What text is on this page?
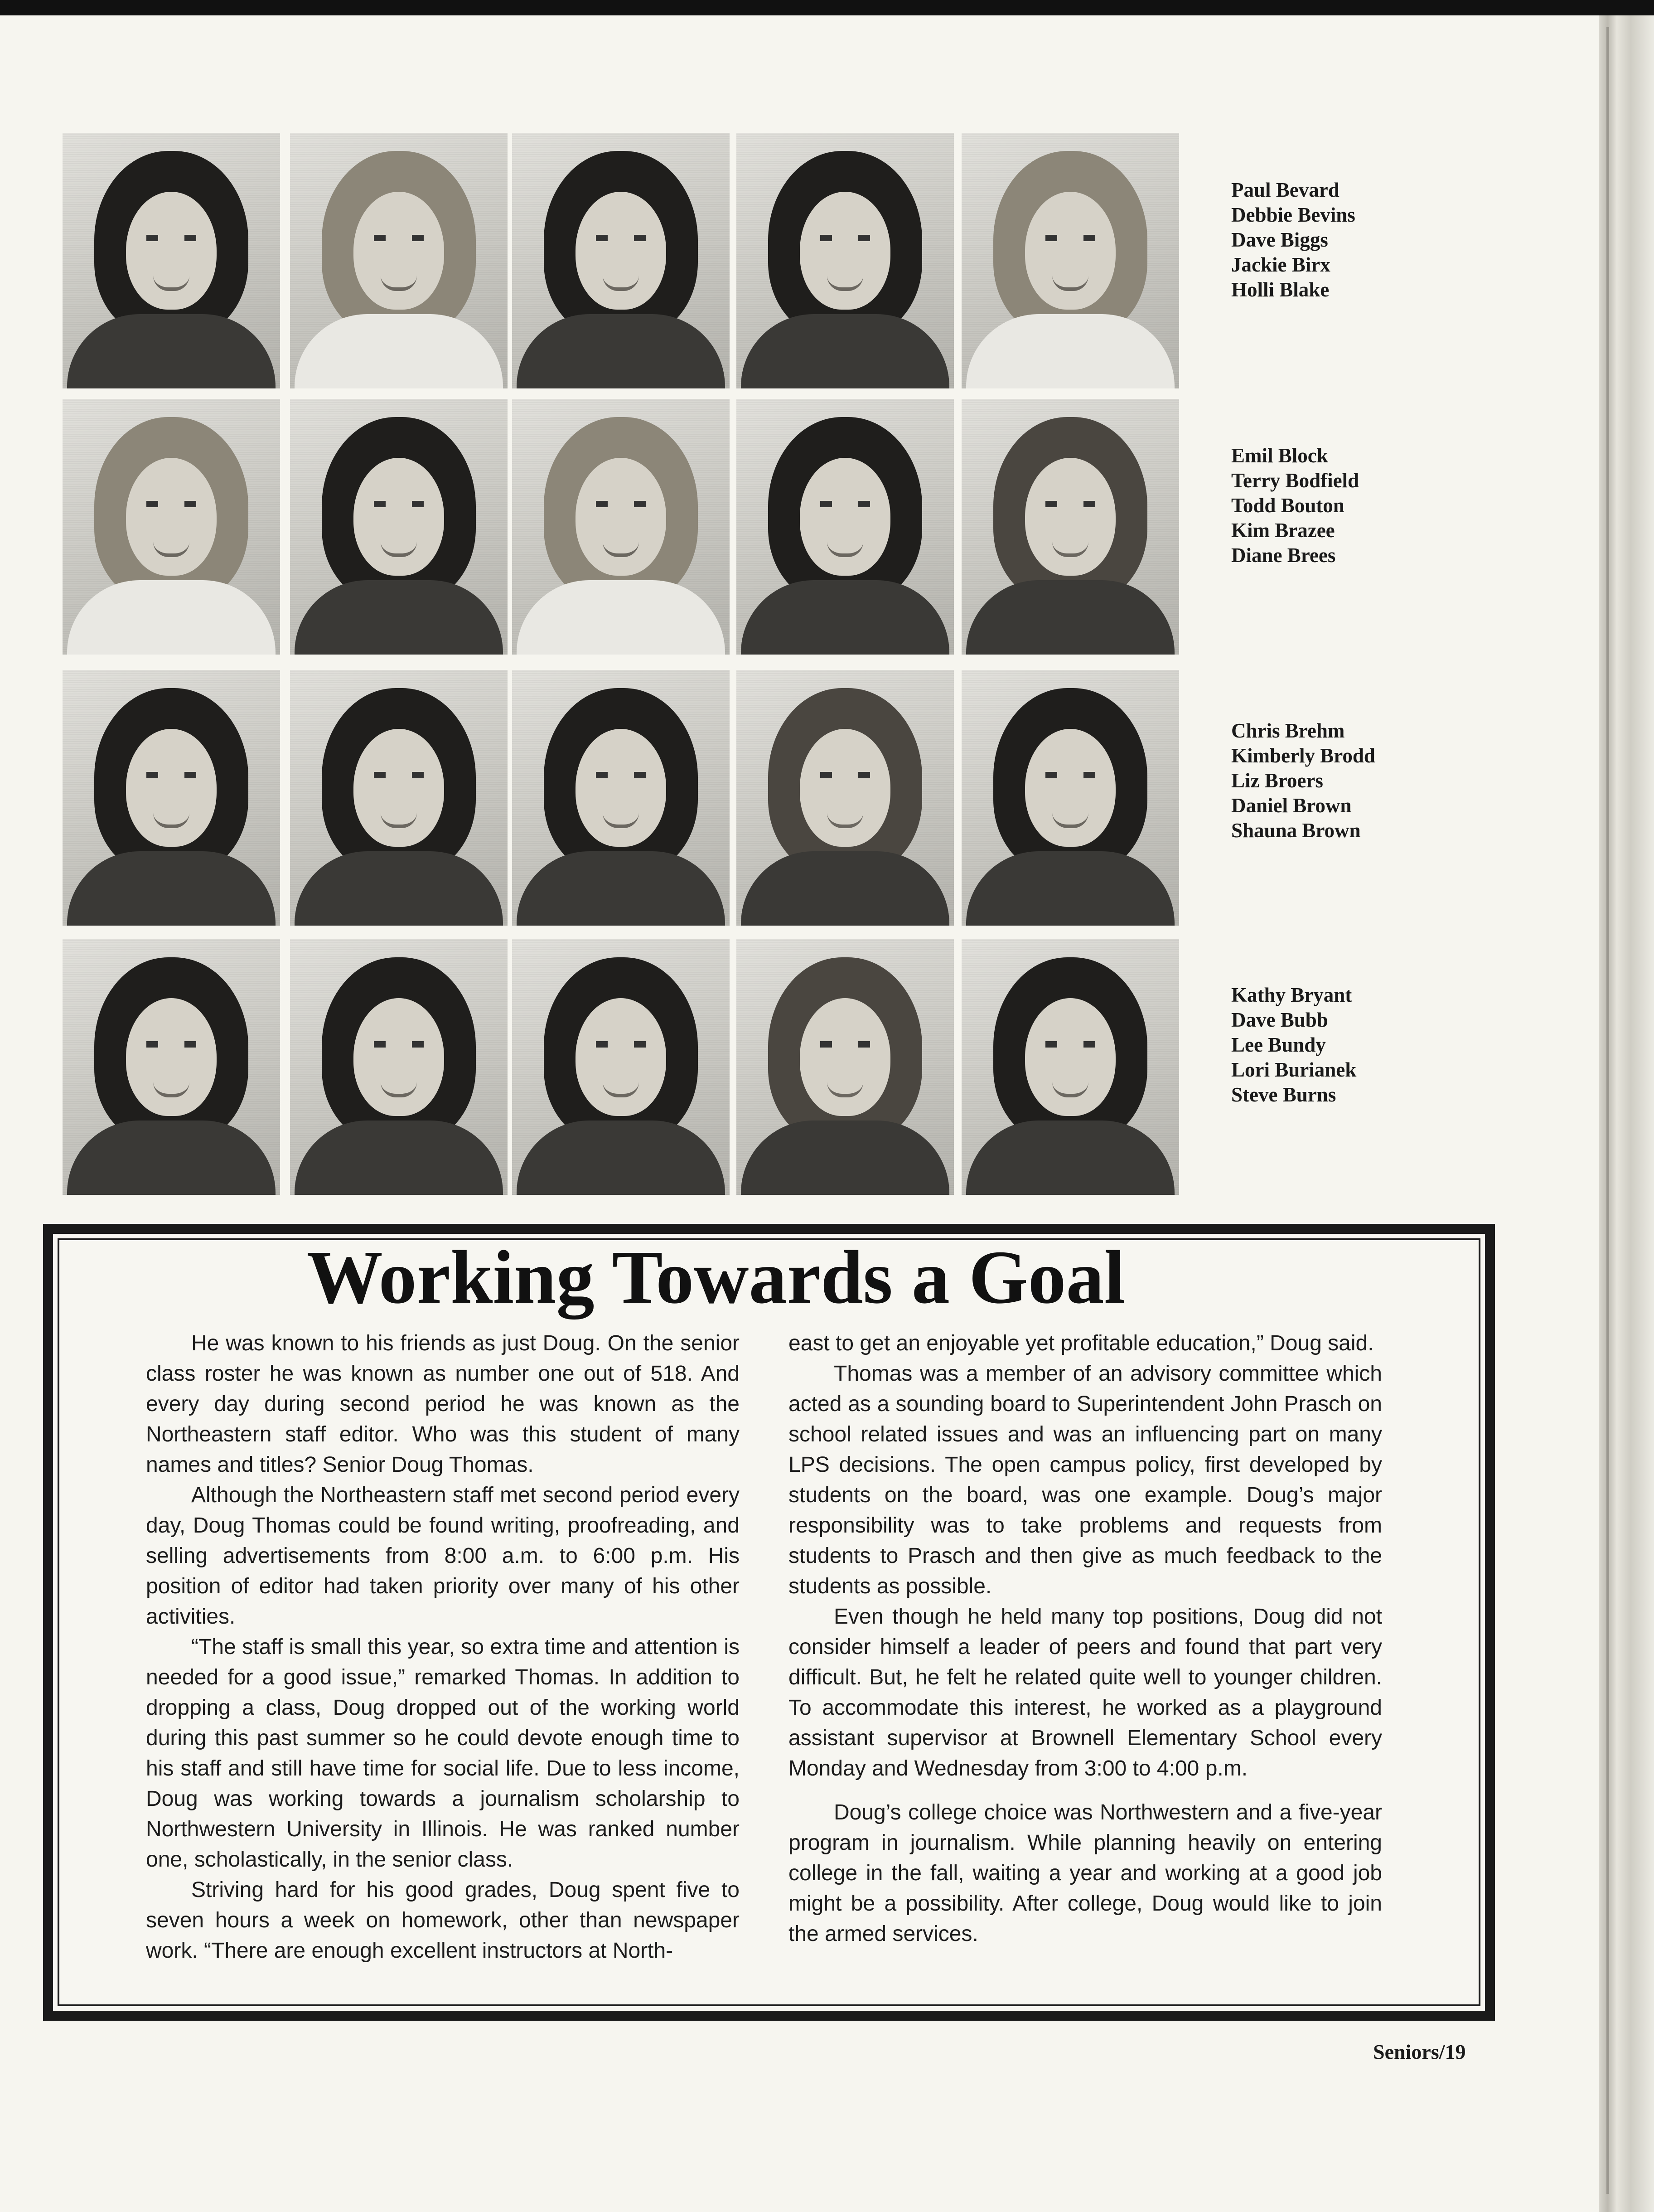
Paul Bevard
Debbie Bevins
Dave Biggs
Jackie Birx
Holli Blake
Emil Block
Terry Bodfield
Todd Bouton
Kim Brazee
Diane Brees
Chris Brehm
Kimberly Brodd
Liz Broers
Daniel Brown
Shauna Brown
Kathy Bryant
Dave Bubb
Lee Bundy
Lori Burianek
Steve Burns
Working Towards a Goal

He was known to his friends as just Doug. On the senior class roster he was known as number one out of 518. And every day during second period he was known as the Northeastern staff editor. Who was this student of many names and titles? Senior Doug Thomas.

Although the Northeastern staff met second period every day, Doug Thomas could be found writing, proofreading, and selling advertisements from 8:00 a.m. to 6:00 p.m. His position of editor had taken priority over many of his other activities.

“The staff is small this year, so extra time and attention is needed for a good issue,” remarked Thomas. In addition to dropping a class, Doug dropped out of the working world during this past summer so he could devote enough time to his staff and still have time for social life. Due to less income, Doug was working towards a journalism scholarship to Northwestern University in Illinois. He was ranked number one, scholastically, in the senior class.

Striving hard for his good grades, Doug spent five to seven hours a week on homework, other than newspaper work. “There are enough excellent instructors at North-

east to get an enjoyable yet profitable education,” Doug said.

Thomas was a member of an advisory committee which acted as a sounding board to Superintendent John Prasch on school related issues and was an influencing part on many LPS decisions. The open campus policy, first developed by students on the board, was one example. Doug’s major responsibility was to take problems and requests from students to Prasch and then give as much feedback to the students as possible.

Even though he held many top positions, Doug did not consider himself a leader of peers and found that part very difficult. But, he felt he related quite well to younger children. To accommodate this interest, he worked as a playground assistant supervisor at Brownell Elementary School every Monday and Wednesday from 3:00 to 4:00 p.m.

Doug’s college choice was Northwestern and a five-year program in journalism. While planning heavily on entering college in the fall, waiting a year and working at a good job might be a possibility. After college, Doug would like to join the armed services.

Seniors/19
